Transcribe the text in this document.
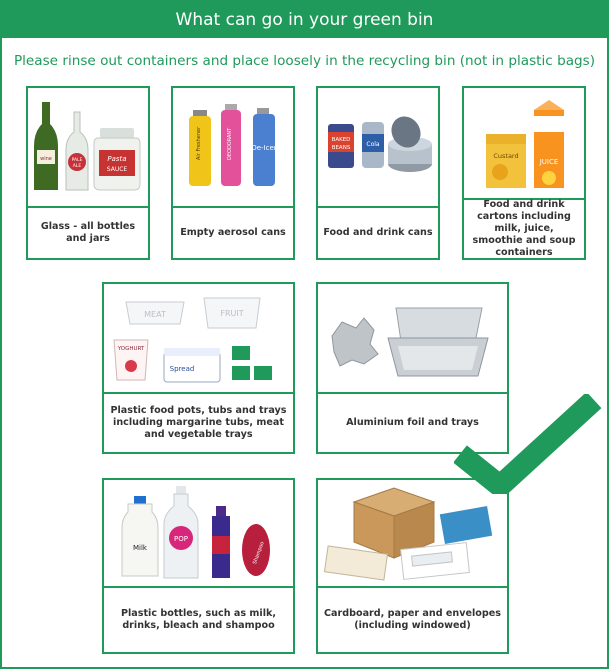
What can go in your green bin
Please rinse out containers and place loosely in the recycling bin (not in plastic bags)
wine	PALE
ALE
Pasta
SAUCE
Glass - all bottles and jars
Air Freshener	DEODORANT	De-Icer
Empty aerosol cans
BAKED
BEANS	Cola
Food and drink cans
Custard
JUICE
Food and drink cartons including milk, juice, smoothie and soup containers
MEAT	FRUIT
YOGHURT
Spread
Plastic food pots, tubs and trays including margarine tubs, meat and vegetable trays
Aluminium foil and trays
Milk
POP
Shampoo
Plastic bottles, such as milk, drinks, bleach and shampoo
Cardboard, paper and envelopes (including windowed)
